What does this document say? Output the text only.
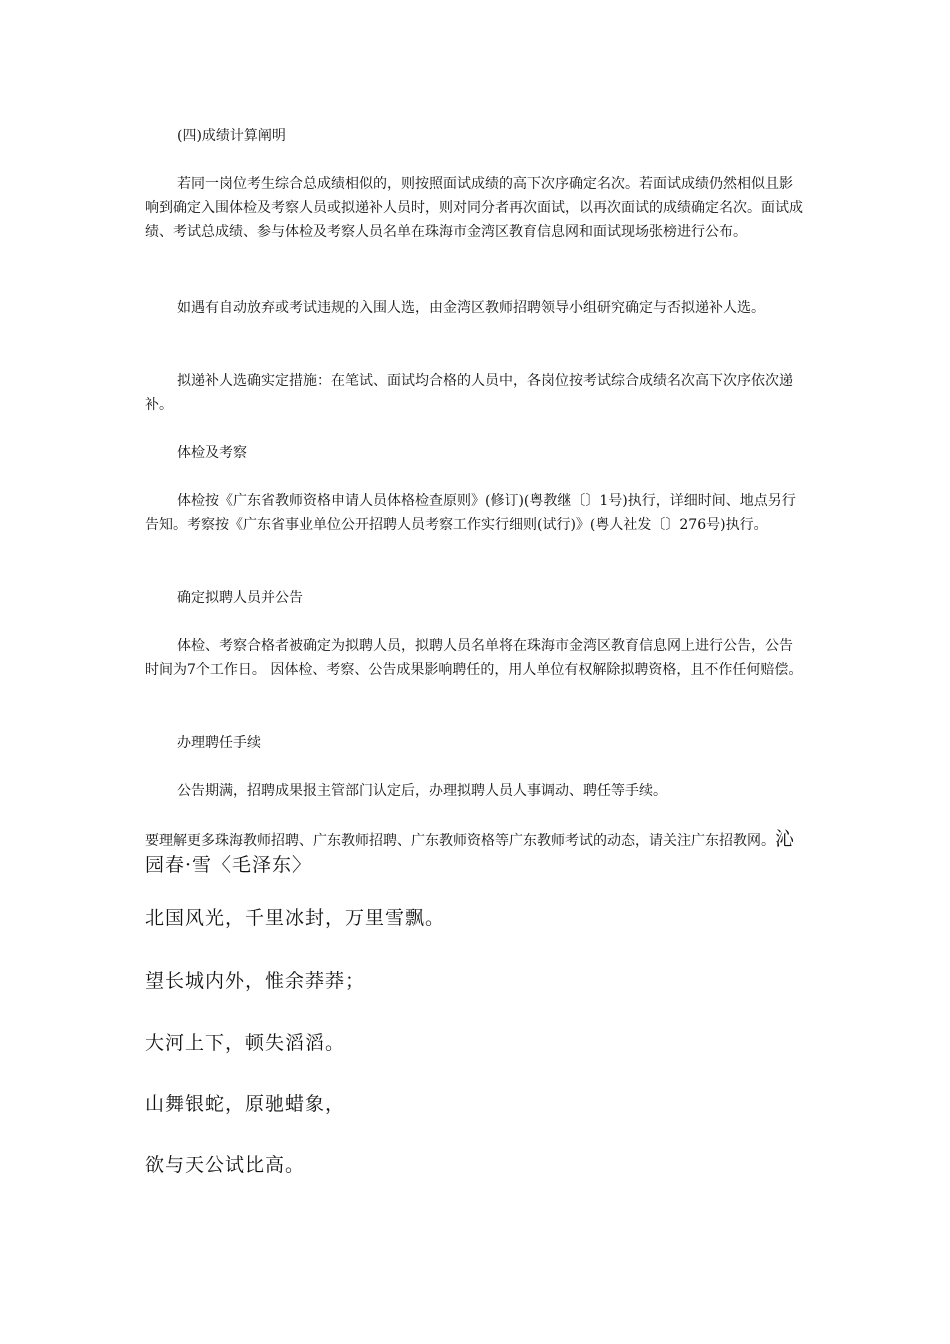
(四)成绩计算阐明

若同一岗位考生综合总成绩相似的，则按照面试成绩的高下次序确定名次。若面试成绩仍然相似且影响到确定入围体检及考察人员或拟递补人员时，则对同分者再次面试，以再次面试的成绩确定名次。面试成绩、考试总成绩、参与体检及考察人员名单在珠海市金湾区教育信息网和面试现场张榜进行公布。

如遇有自动放弃或考试违规的入围人选，由金湾区教师招聘领导小组研究确定与否拟递补人选。

拟递补人选确实定措施：在笔试、面试均合格的人员中，各岗位按考试综合成绩名次高下次序依次递补。

体检及考察

体检按《广东省教师资格申请人员体格检查原则》(修订)(粤教继〔〕1号)执行，详细时间、地点另行告知。考察按《广东省事业单位公开招聘人员考察工作实行细则(试行)》(粤人社发〔〕276号)执行。

确定拟聘人员并公告

体检、考察合格者被确定为拟聘人员，拟聘人员名单将在珠海市金湾区教育信息网上进行公告，公告时间为7个工作日。 因体检、考察、公告成果影响聘任的，用人单位有权解除拟聘资格，且不作任何赔偿。

办理聘任手续

公告期满，招聘成果报主管部门认定后，办理拟聘人员人事调动、聘任等手续。

要理解更多珠海教师招聘、广东教师招聘、广东教师资格等广东教师考试的动态，请关注广东招教网。沁园春·雪〈毛泽东〉

北国风光，千里冰封，万里雪飘。

望长城内外，惟余莽莽；

大河上下，顿失滔滔。

山舞银蛇，原驰蜡象，

欲与天公试比高。
